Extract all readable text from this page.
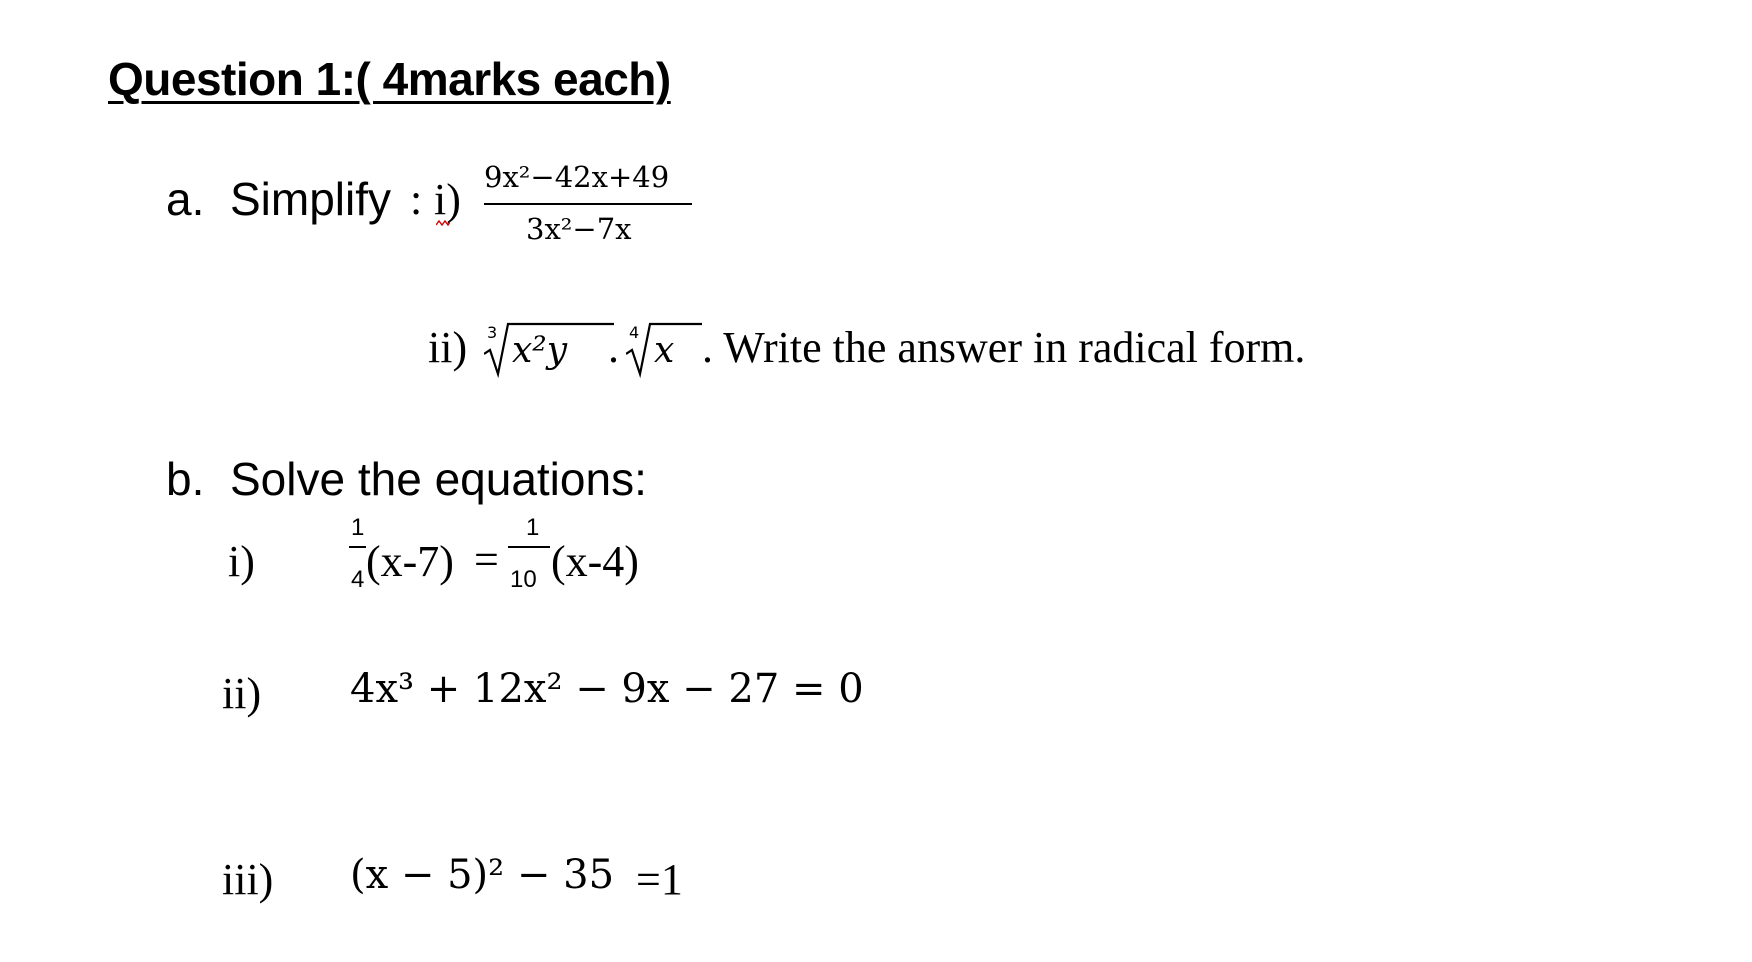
Question 1:( 4marks each)
a. Simplify : i) 9x²−42x+49
3x²−7x
ii) 3 x²y . 4 x . Write the answer in radical form.
b. Solve the equations:
i)
1
4 (x-7) =
1
10 (x-4)
ii) 4x³ + 12x² − 9x − 27 = 0
iii) (x − 5)² − 35 =1
